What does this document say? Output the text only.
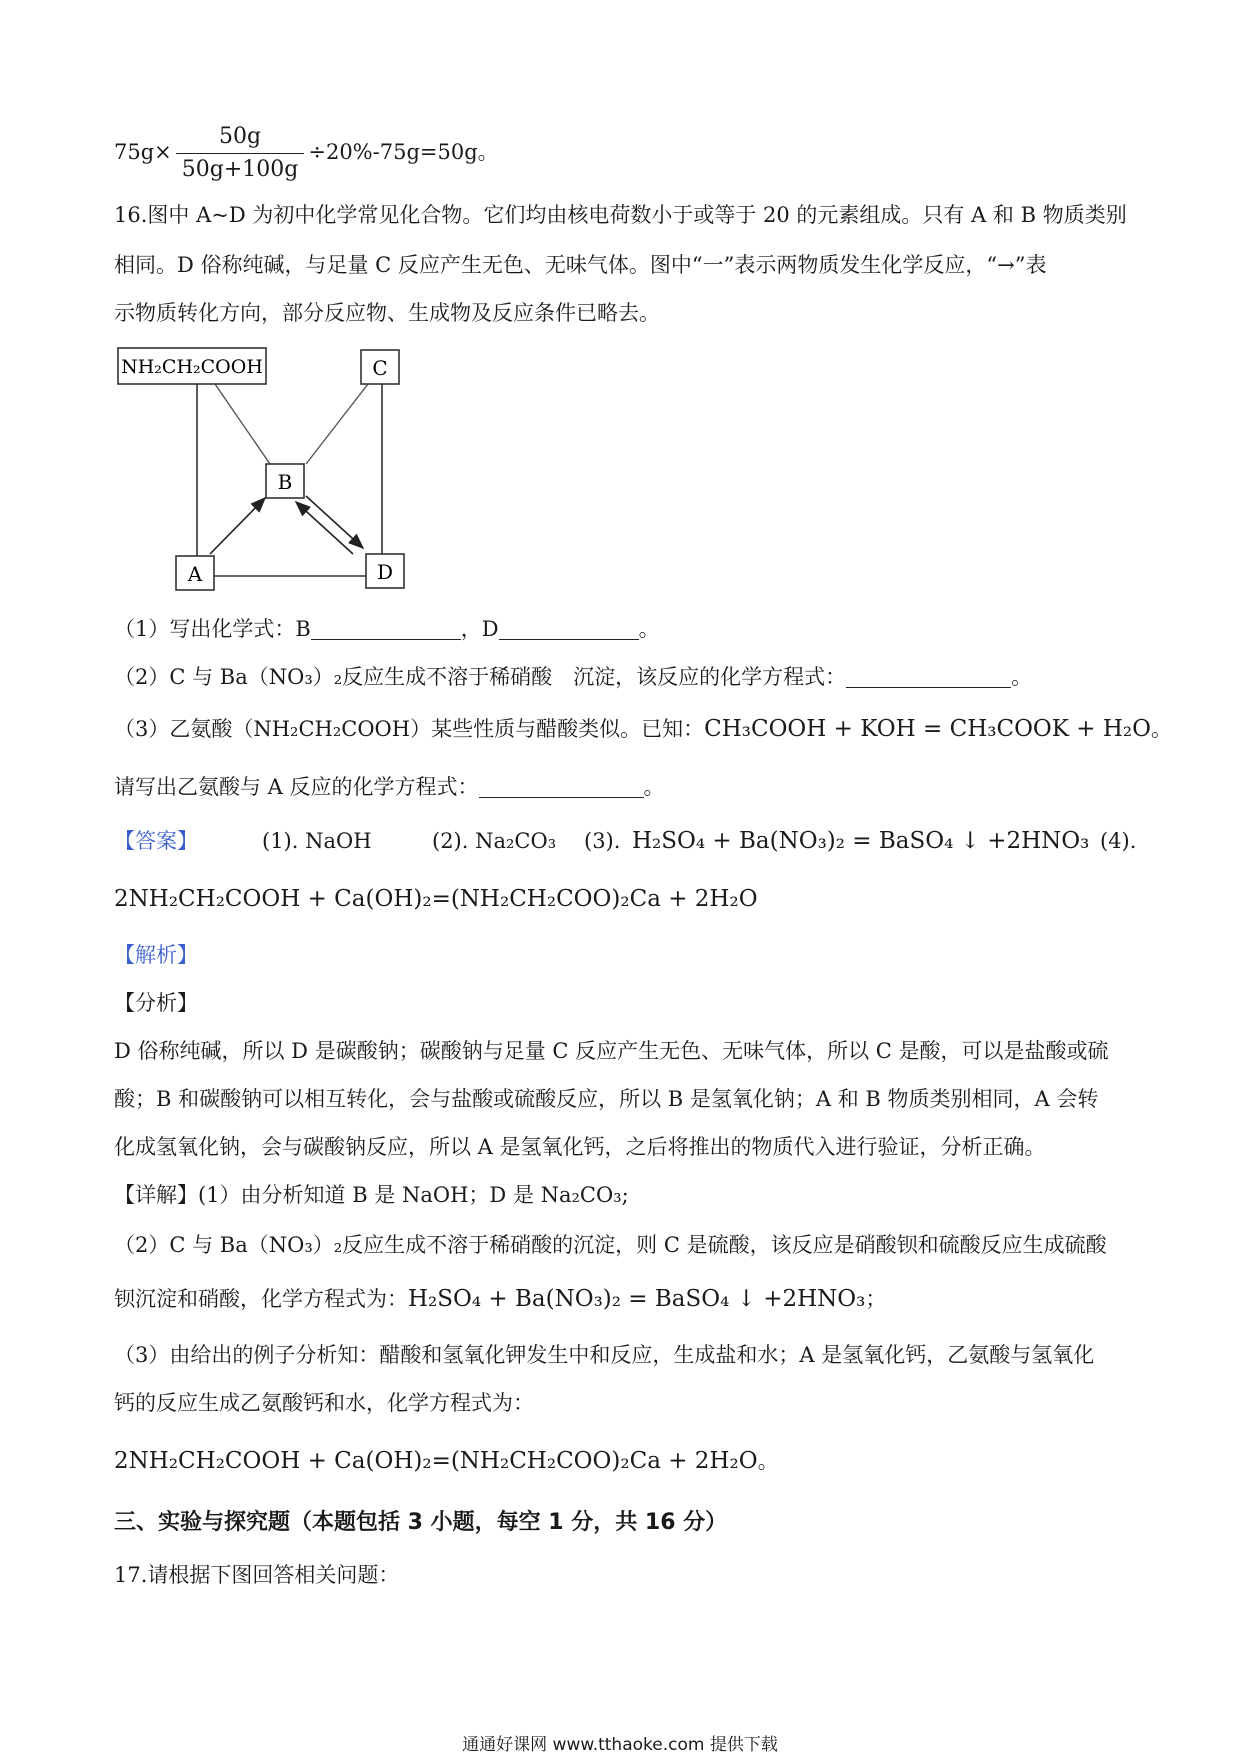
$75g\times \frac{50g}{50g+100g} \div 20\%-75g=50g$。
16.图中 A~D 为初中化学常见化合物。它们均由核电荷数小于或等于 20 的元素组成。只有 A 和 B 物质类别
相同。D 俗称纯碱，与足量 C 反应产生无色、无味气体。图中“一”表示两物质发生化学反应，“→”表
示物质转化方向，部分反应物、生成物及反应条件已略去。
NH₂CH₂COOH	C
B
A	D
（1）写出化学式：B	，D	。
（2）C 与 Ba（NO₃）₂反应生成不溶于稀硝酸　沉淀，该反应的化学方程式：	。
（3）乙氨酸（NH₂CH₂COOH）某些性质与醋酸类似。已知：CH₃COOH + KOH = CH₃COOK + H₂O。
请写出乙氨酸与 A 反应的化学方程式：	。
【答案】	(1). NaOH	(2). Na₂CO₃ (3). H₂SO₄ + Ba(NO₃)₂ = BaSO₄ ↓ +2HNO₃ (4).
2NH₂CH₂COOH + Ca(OH)₂=(NH₂CH₂COO)₂Ca + 2H₂O
【解析】
【分析】
D 俗称纯碱，所以 D 是碳酸钠；碳酸钠与足量 C 反应产生无色、无味气体，所以 C 是酸，可以是盐酸或硫
酸；B 和碳酸钠可以相互转化，会与盐酸或硫酸反应，所以 B 是氢氧化钠；A 和 B 物质类别相同，A 会转
化成氢氧化钠，会与碳酸钠反应，所以 A 是氢氧化钙，之后将推出的物质代入进行验证，分析正确。
【详解】(1）由分析知道 B 是 NaOH；D 是 Na₂CO₃;
（2）C 与 Ba（NO₃）₂反应生成不溶于稀硝酸的沉淀，则 C 是硫酸，该反应是硝酸钡和硫酸反应生成硫酸
钡沉淀和硝酸，化学方程式为：H₂SO₄ + Ba(NO₃)₂ = BaSO₄ ↓ +2HNO₃；
（3）由给出的例子分析知：醋酸和氢氧化钾发生中和反应，生成盐和水；A 是氢氧化钙，乙氨酸与氢氧化
钙的反应生成乙氨酸钙和水，化学方程式为：
2NH₂CH₂COOH + Ca(OH)₂=(NH₂CH₂COO)₂Ca + 2H₂O。
三、实验与探究题（本题包括 3 小题，每空 1 分，共 16 分）
17.请根据下图回答相关问题：
通通好课网 www.tthaoke.com 提供下载
